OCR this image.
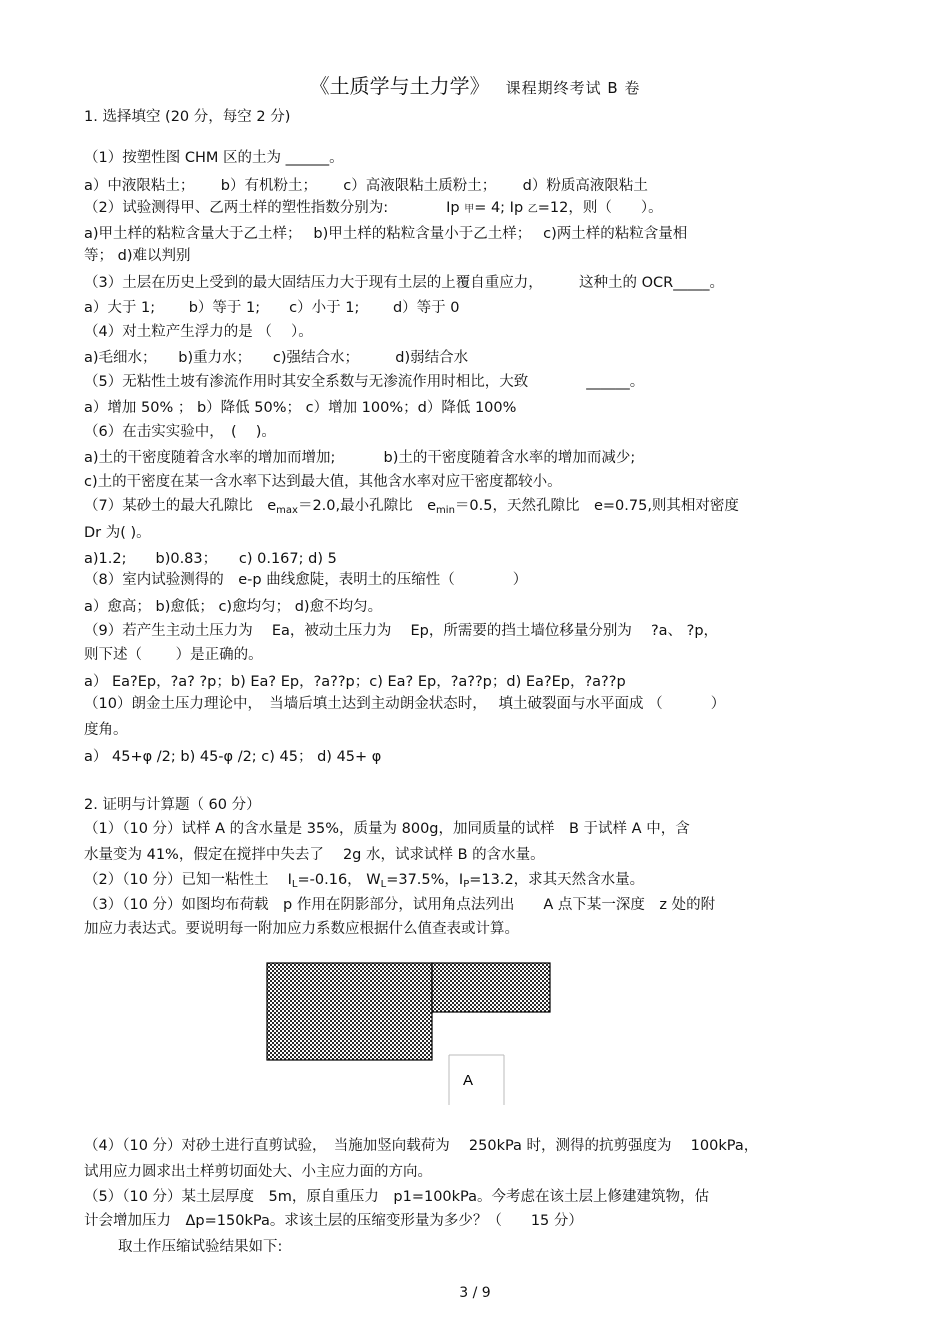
《土质学与土力学》 课程期终考试 B 卷

1. 选择填空 (20 分，每空 2 分)

（1）按塑性图 CHM 区的土为 ______。

a）中液限粘土；　　 b）有机粉土；　　 c）高液限粘土质粉土；　　 d）粉质高液限粘土

（2）试验测得甲、乙两土样的塑性指数分别为:　　　　Ip 甲= 4; Ip 乙=12，则（　　）。

a)甲土样的粘粒含量大于乙土样；　 b)甲土样的粘粒含量小于乙土样；　 c)两土样的粘粒含量相

等； d)难以判别

（3）土层在历史上受到的最大固结压力大于现有土层的上覆自重应力，　　　这种土的 OCR_____。

a）大于 1;　　 b）等于 1;　　c）小于 1;　　 d）等于 0

（4）对土粒产生浮力的是 （　 ）。

a)毛细水；　　b)重力水；　　c)强结合水；　　　d)弱结合水

（5）无粘性土坡有渗流作用时其安全系数与无渗流作用时相比，大致　　　　______。

a）增加 50% ； b）降低 50%； c）增加 100%；d）降低 100%

（6）在击实实验中，　(　 )。

a)土的干密度随着含水率的增加而增加;　　　 b)土的干密度随着含水率的增加而减少;

c)土的干密度在某一含水率下达到最大值，其他含水率对应干密度都较小。

（7）某砂土的最大孔隙比　$e_{max}=2.0$,最小孔隙比　$e_{min}=0.5$，天然孔隙比　e=0.75,则其相对密度

Dr 为( )。

a)1.2;　　b)0.83；　　c) 0.167; d) 5

（8）室内试验测得的　e-p 曲线愈陡，表明土的压缩性（　　　　）

a）愈高； b)愈低； c)愈均匀； d)愈不均匀。

（9）若产生主动土压力为　 Ea，被动土压力为　 Ep，所需要的挡土墙位移量分别为　 ?a、 ?p，

则下述（　　 ）是正确的。

a） Ea?Ep，?a? ?p；b) Ea? Ep，?a??p；c) Ea? Ep，?a??p；d) Ea?Ep，?a??p

（10）朗金土压力理论中，　当墙后填土达到主动朗金状态时，　 填土破裂面与水平面成 （　　　 ）

度角。

a） 45+φ /2; b) 45-φ /2; c) 45； d) 45+ φ

2. 证明与计算题（ 60 分）

（1）（10 分）试样 A 的含水量是 35%，质量为 800g，加同质量的试样　B 于试样 A 中，含

水量变为 41%，假定在搅拌中失去了　 2g 水，试求试样 B 的含水量。

（2）（10 分）已知一粘性土　 $I_L=-0.16$， $W_L=37.5\%$，$I_P=13.2$，求其天然含水量。

（3）（10 分）如图均布荷载　p 作用在阴影部分，试用角点法列出　　A 点下某一深度　z 处的附

加应力表达式。要说明每一附加应力系数应根据什么值查表或计算。

A

（4）（10 分）对砂土进行直剪试验，　当施加竖向载荷为　 250kPa 时，测得的抗剪强度为　 100kPa，

试用应力圆求出土样剪切面处大、小主应力面的方向。

（5）（10 分）某土层厚度　5m，原自重压力　p1=100kPa。今考虑在该土层上修建建筑物，估

计会增加压力　Δp=150kPa。求该土层的压缩变形量为多少？（　　15 分）

取土作压缩试验结果如下:

3 / 9
